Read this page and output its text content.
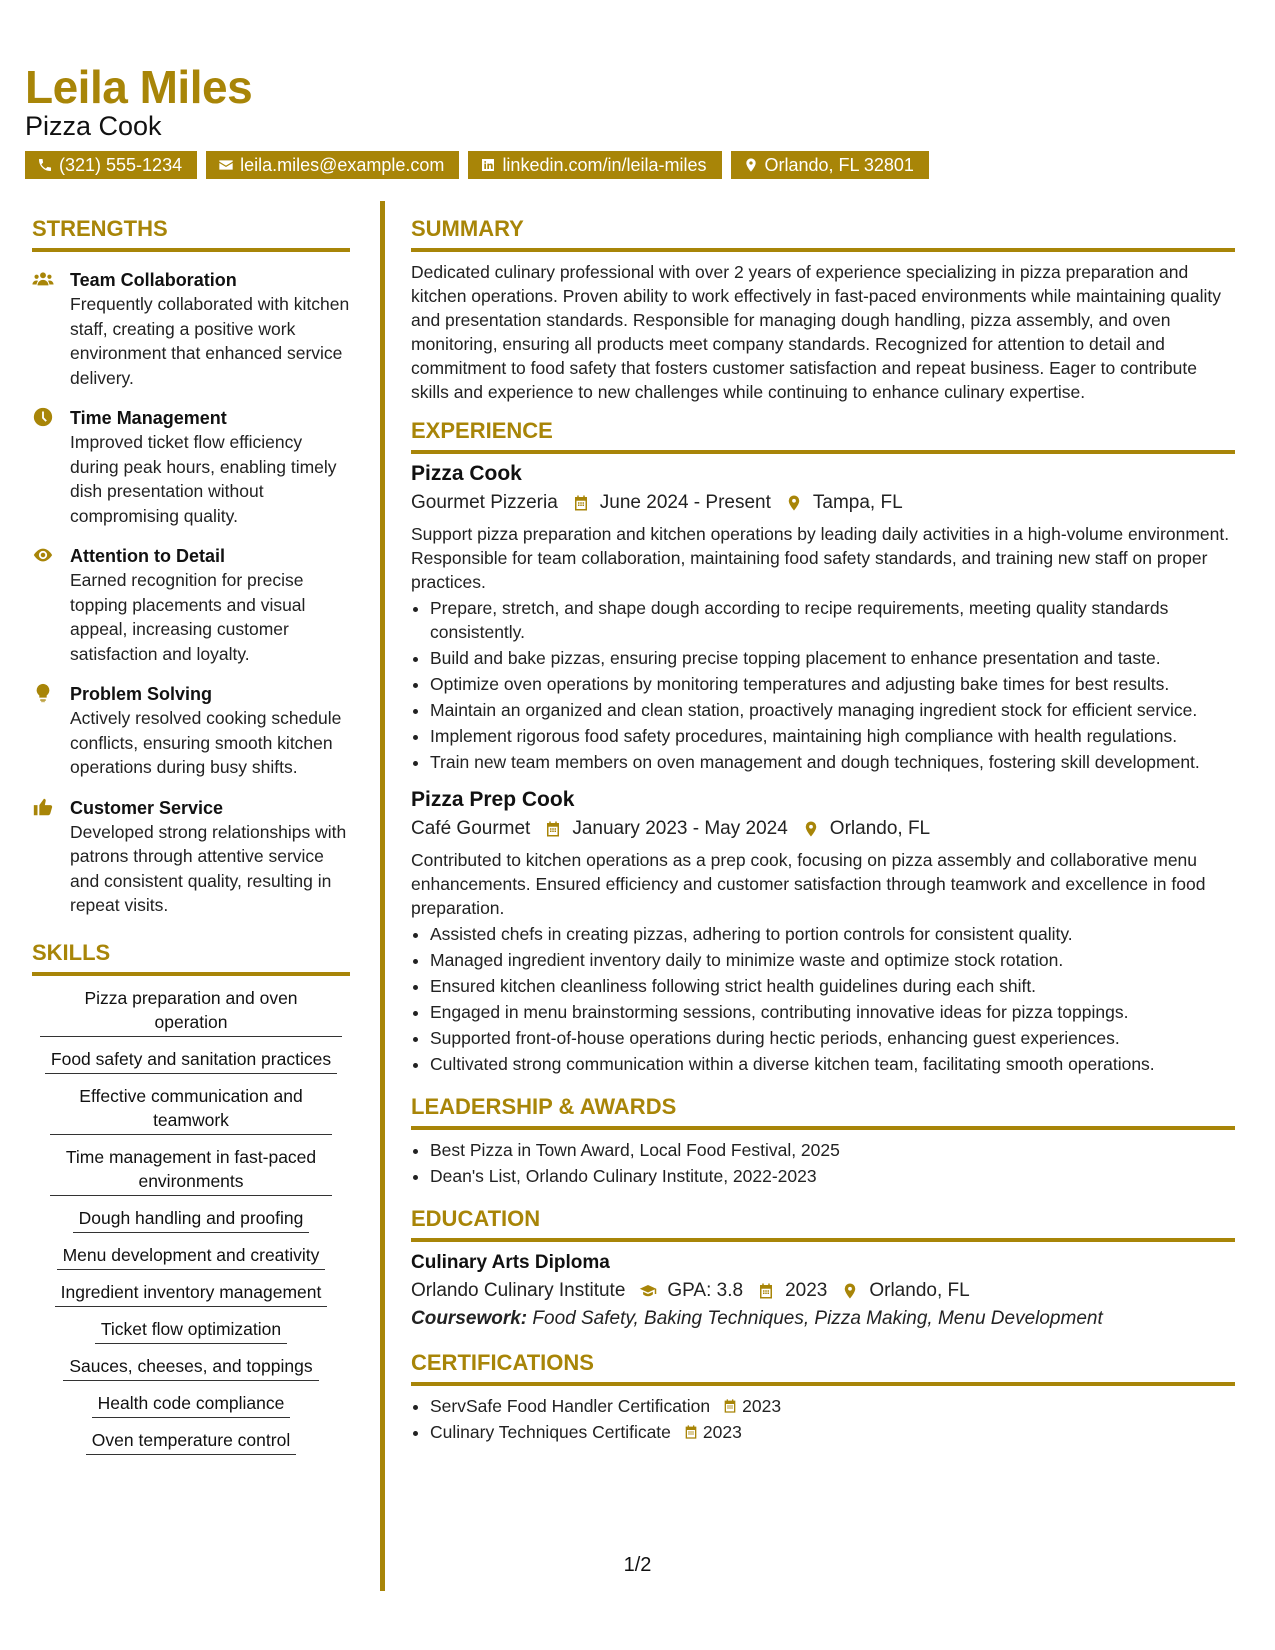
Leila Miles
Pizza Cook
(321) 555-1234	leila.miles@example.com	linkedin.com/in/leila-miles	Orlando, FL 32801
STRENGTHS
Team Collaboration
Frequently collaborated with kitchen staff, creating a positive work environment that enhanced service delivery.
Time Management
Improved ticket flow efficiency during peak hours, enabling timely dish presentation without compromising quality.
Attention to Detail
Earned recognition for precise topping placements and visual appeal, increasing customer satisfaction and loyalty.
Problem Solving
Actively resolved cooking schedule conflicts, ensuring smooth kitchen operations during busy shifts.
Customer Service
Developed strong relationships with patrons through attentive service and consistent quality, resulting in repeat visits.
SKILLS
Pizza preparation and oven operation
Food safety and sanitation practices
Effective communication and teamwork
Time management in fast-paced environments
Dough handling and proofing
Menu development and creativity
Ingredient inventory management
Ticket flow optimization
Sauces, cheeses, and toppings
Health code compliance
Oven temperature control
SUMMARY

Dedicated culinary professional with over 2 years of experience specializing in pizza preparation and kitchen operations. Proven ability to work effectively in fast-paced environments while maintaining quality and presentation standards. Responsible for managing dough handling, pizza assembly, and oven monitoring, ensuring all products meet company standards. Recognized for attention to detail and commitment to food safety that fosters customer satisfaction and repeat business. Eager to contribute skills and experience to new challenges while continuing to enhance culinary expertise.

EXPERIENCE
Pizza Cook
Gourmet Pizzeria June 2024 - Present Tampa, FL

Support pizza preparation and kitchen operations by leading daily activities in a high-volume environment. Responsible for team collaboration, maintaining food safety standards, and training new staff on proper practices.

• Prepare, stretch, and shape dough according to recipe requirements, meeting quality standards consistently.
• Build and bake pizzas, ensuring precise topping placement to enhance presentation and taste.
• Optimize oven operations by monitoring temperatures and adjusting bake times for best results.
• Maintain an organized and clean station, proactively managing ingredient stock for efficient service.
• Implement rigorous food safety procedures, maintaining high compliance with health regulations.
• Train new team members on oven management and dough techniques, fostering skill development.
Pizza Prep Cook
Café Gourmet January 2023 - May 2024 Orlando, FL

Contributed to kitchen operations as a prep cook, focusing on pizza assembly and collaborative menu enhancements. Ensured efficiency and customer satisfaction through teamwork and excellence in food preparation.

• Assisted chefs in creating pizzas, adhering to portion controls for consistent quality.
• Managed ingredient inventory daily to minimize waste and optimize stock rotation.
• Ensured kitchen cleanliness following strict health guidelines during each shift.
• Engaged in menu brainstorming sessions, contributing innovative ideas for pizza toppings.
• Supported front-of-house operations during hectic periods, enhancing guest experiences.
• Cultivated strong communication within a diverse kitchen team, facilitating smooth operations.
LEADERSHIP & AWARDS
• Best Pizza in Town Award, Local Food Festival, 2025
• Dean's List, Orlando Culinary Institute, 2022-2023
EDUCATION
Culinary Arts Diploma
Orlando Culinary Institute GPA: 3.8 2023 Orlando, FL
Coursework: Food Safety, Baking Techniques, Pizza Making, Menu Development
CERTIFICATIONS
• ServSafe Food Handler Certification 2023
• Culinary Techniques Certificate 2023
1/2
